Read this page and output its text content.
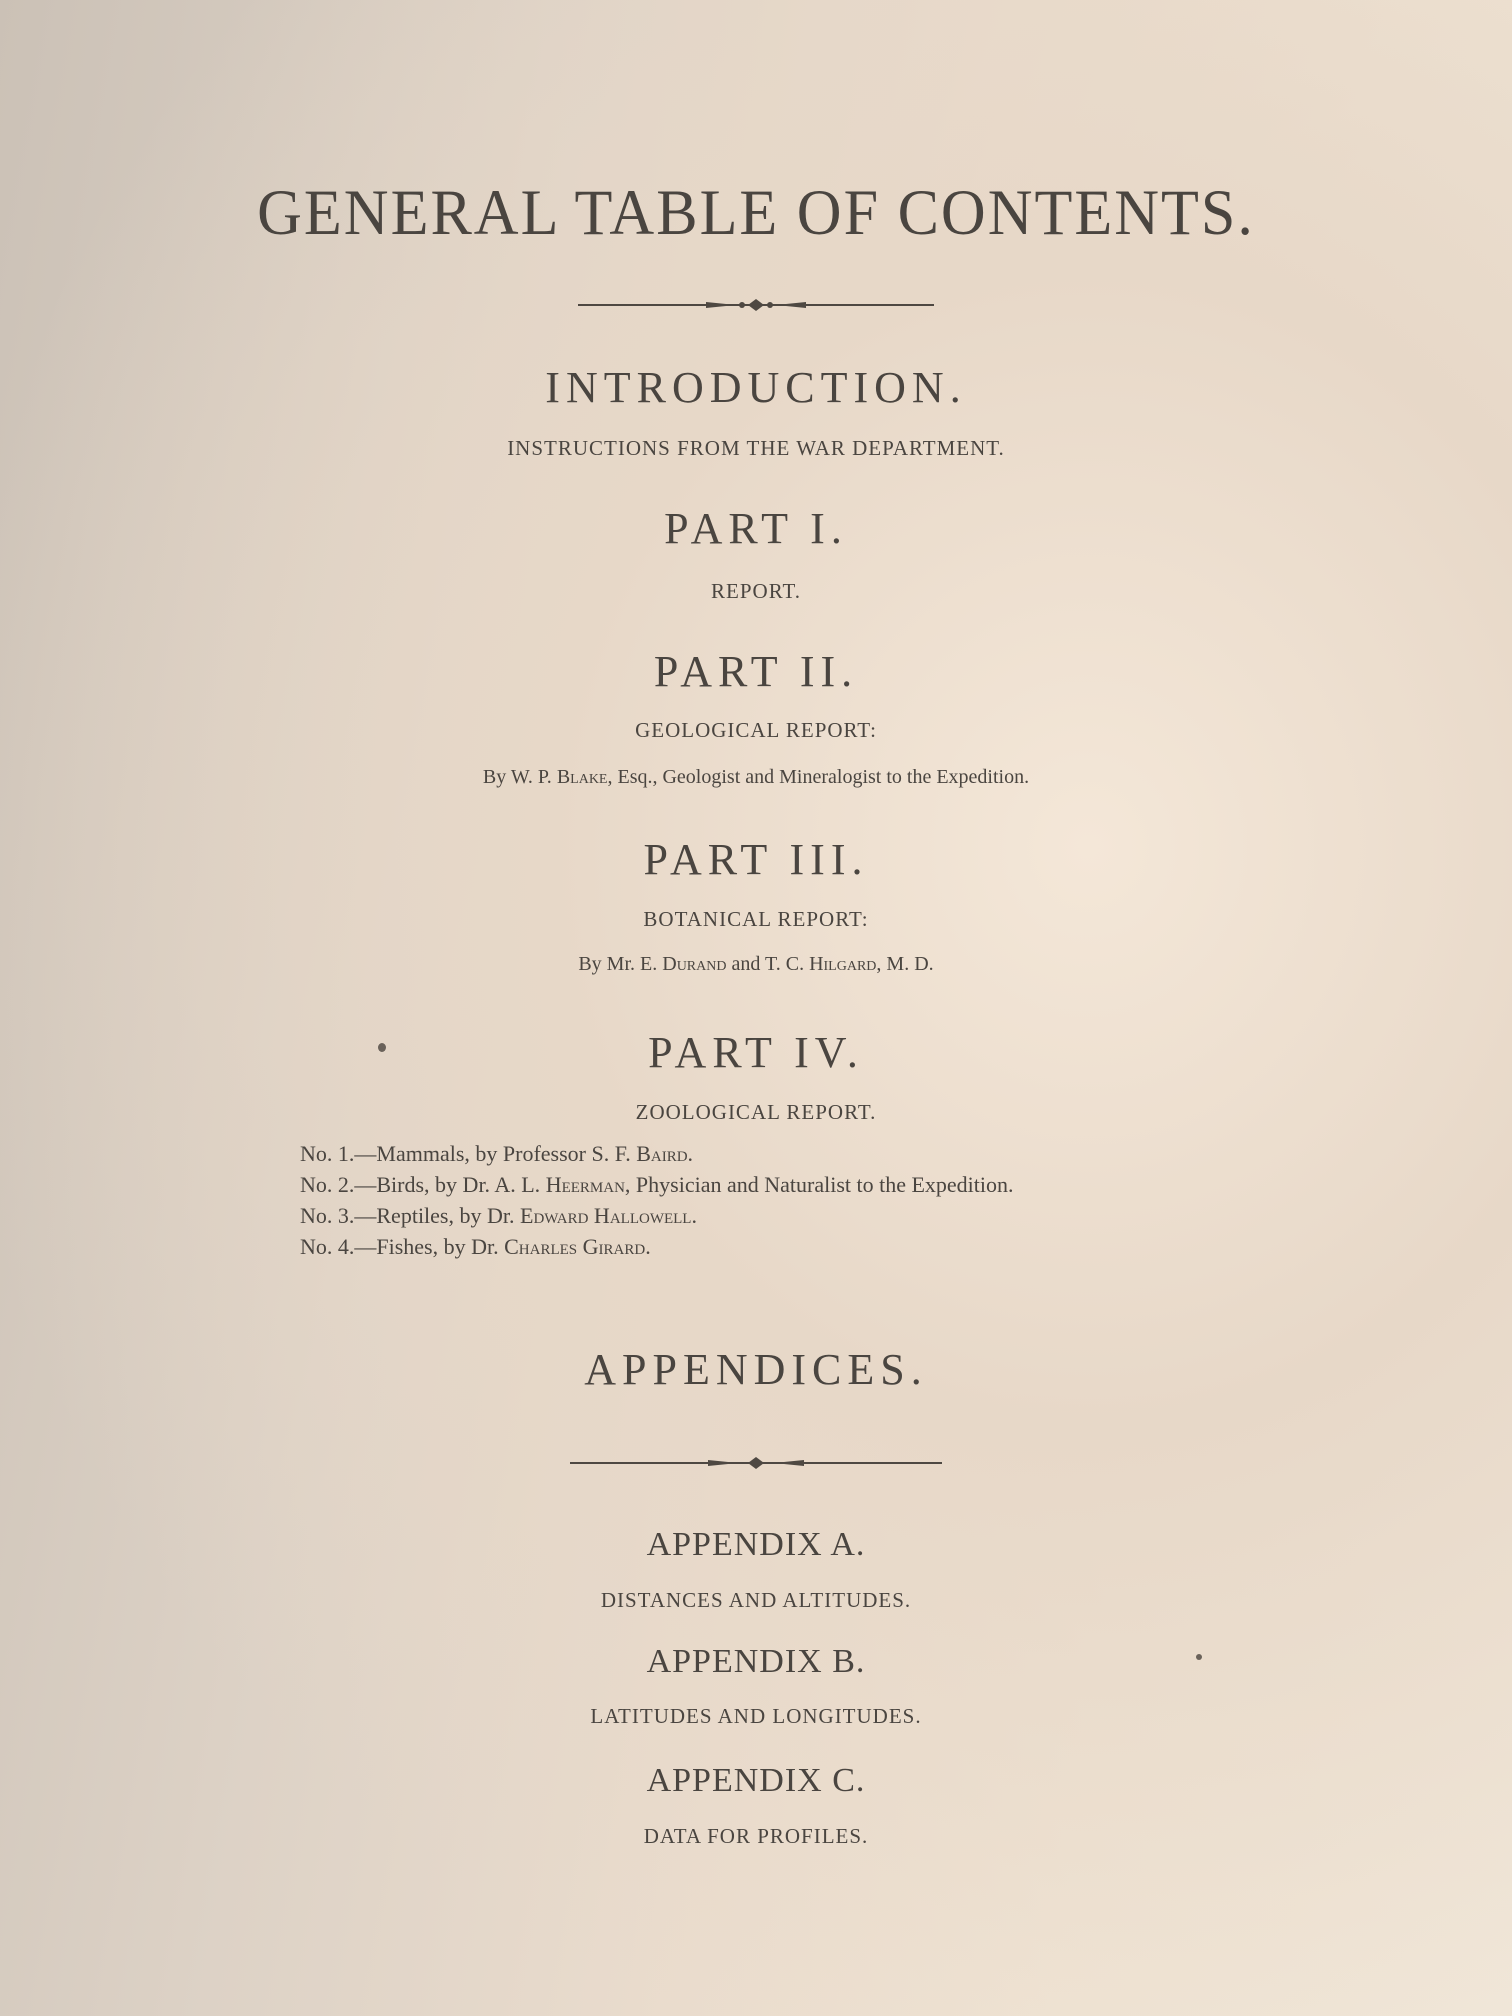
GENERAL TABLE OF CONTENTS.
INTRODUCTION.
INSTRUCTIONS FROM THE WAR DEPARTMENT.
PART I.
REPORT.
PART II.
GEOLOGICAL REPORT:
By W. P. Blake, Esq., Geologist and Mineralogist to the Expedition.
PART III.
BOTANICAL REPORT:
By Mr. E. Durand and T. C. Hilgard, M. D.
PART IV.
ZOOLOGICAL REPORT.
No. 1.—Mammals, by Professor S. F. Baird.
No. 2.—Birds, by Dr. A. L. Heerman, Physician and Naturalist to the Expedition.
No. 3.—Reptiles, by Dr. Edward Hallowell.
No. 4.—Fishes, by Dr. Charles Girard.
APPENDICES.
APPENDIX A.
DISTANCES AND ALTITUDES.
APPENDIX B.
LATITUDES AND LONGITUDES.
APPENDIX C.
DATA FOR PROFILES.
